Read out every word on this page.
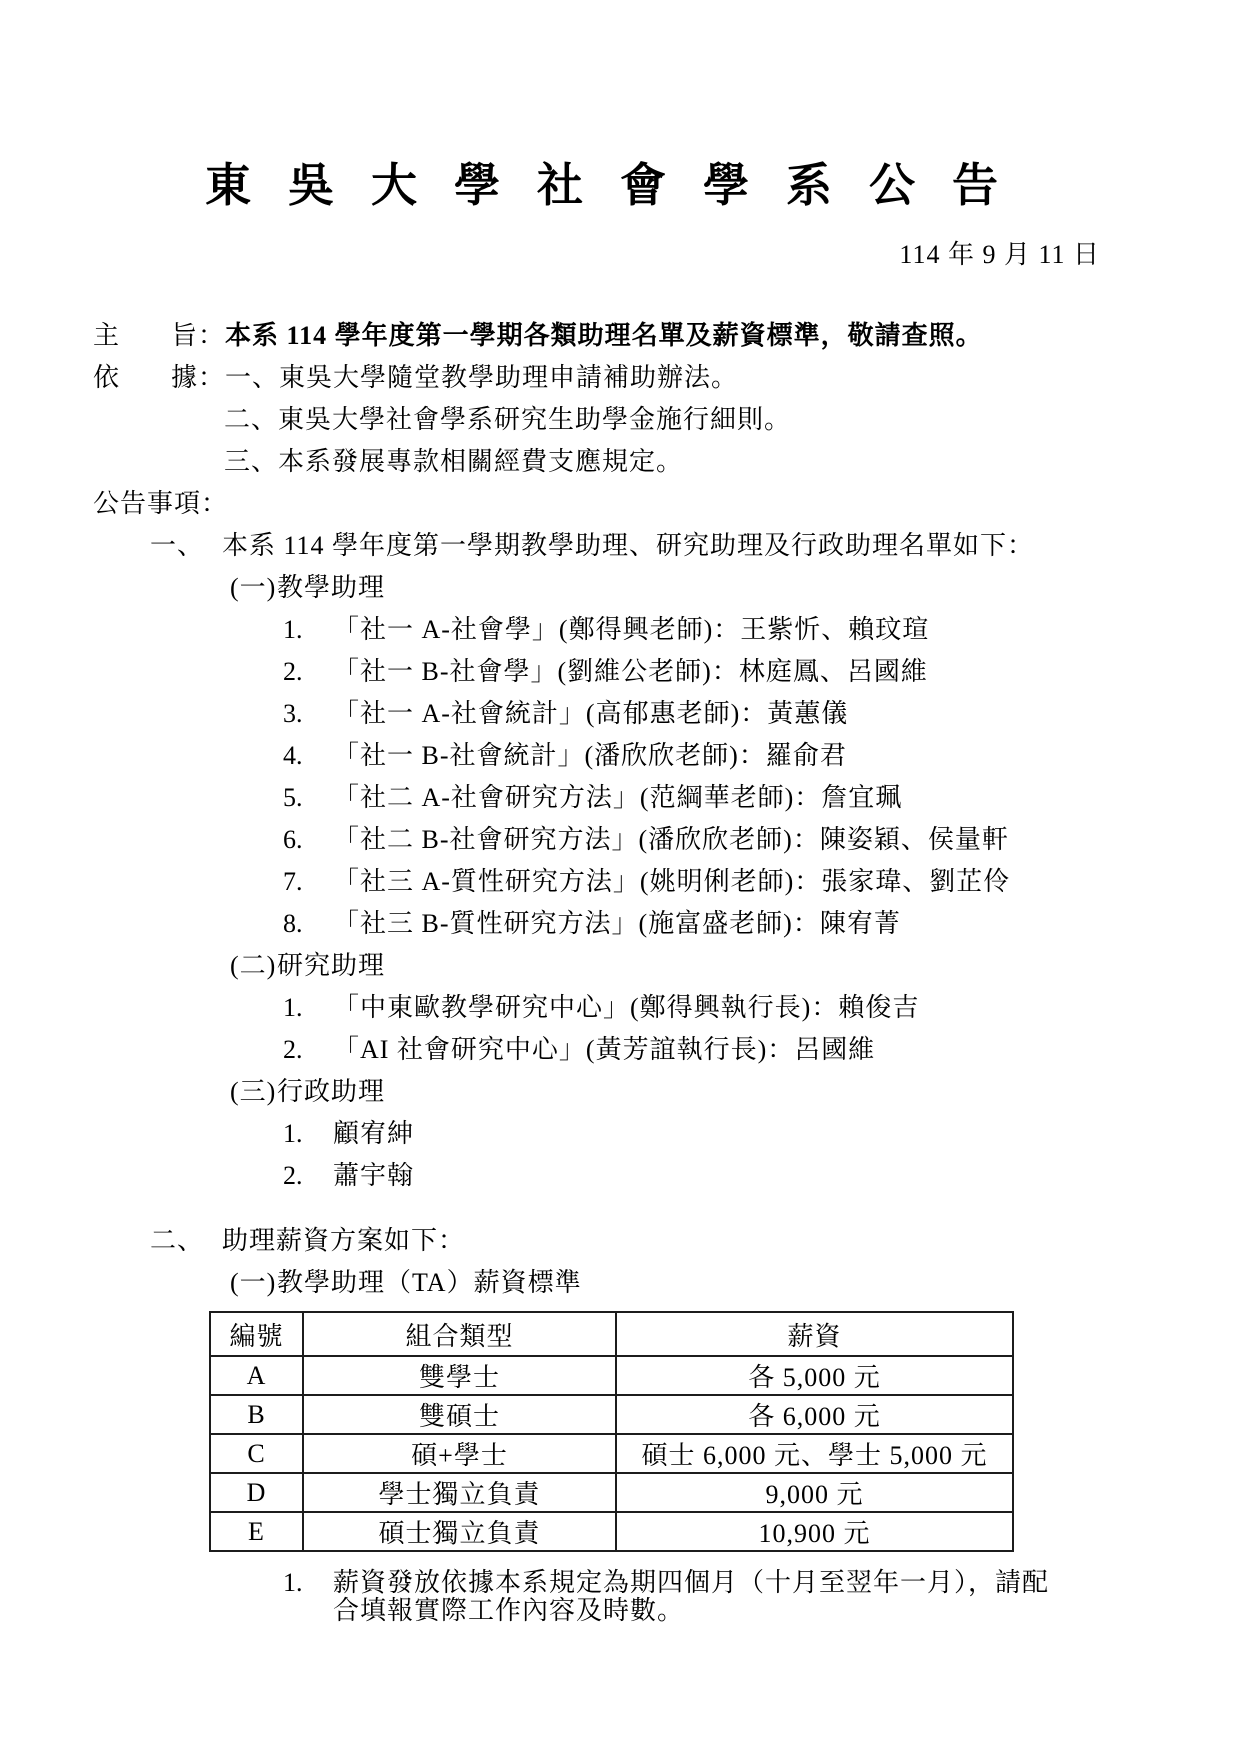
東吳大學社會學系公告
114 年 9 月 11 日
主 旨 ：本系 114 學年度第一學期各類助理名單及薪資標準，敬請查照。
依 據 ：一、東吳大學隨堂教學助理申請補助辦法。
二、東吳大學社會學系研究生助學金施行細則。
三、本系發展專款相關經費支應規定。
公告事項：
一、 本系 114 學年度第一學期教學助理、研究助理及行政助理名單如下：
(一)教學助理
1. 「社一 A-社會學」(鄭得興老師)：王紫忻、賴玟瑄
2. 「社一 B-社會學」(劉維公老師)：林庭鳳、呂國維
3. 「社一 A-社會統計」(高郁惠老師)：黃蕙儀
4. 「社一 B-社會統計」(潘欣欣老師)：羅俞君
5. 「社二 A-社會研究方法」(范綱華老師)：詹宜珮
6. 「社二 B-社會研究方法」(潘欣欣老師)：陳姿穎、侯量軒
7. 「社三 A-質性研究方法」(姚明俐老師)：張家瑋、劉芷伶
8. 「社三 B-質性研究方法」(施富盛老師)：陳宥菁
(二)研究助理
1. 「中東歐教學研究中心」(鄭得興執行長)：賴俊吉
2. 「AI 社會研究中心」(黃芳誼執行長)：呂國維
(三)行政助理
1. 顧宥紳
2. 蕭宇翰
二、 助理薪資方案如下：
(一)教學助理（TA）薪資標準
編號	組合類型	薪資
A	雙學士	各 5,000 元
B	雙碩士	各 6,000 元
C	碩+學士	碩士 6,000 元、學士 5,000 元
D	學士獨立負責	9,000 元
E	碩士獨立負責	10,900 元
1. 薪資發放依據本系規定為期四個月（十月至翌年一月），請配合填報實際工作內容及時數。
